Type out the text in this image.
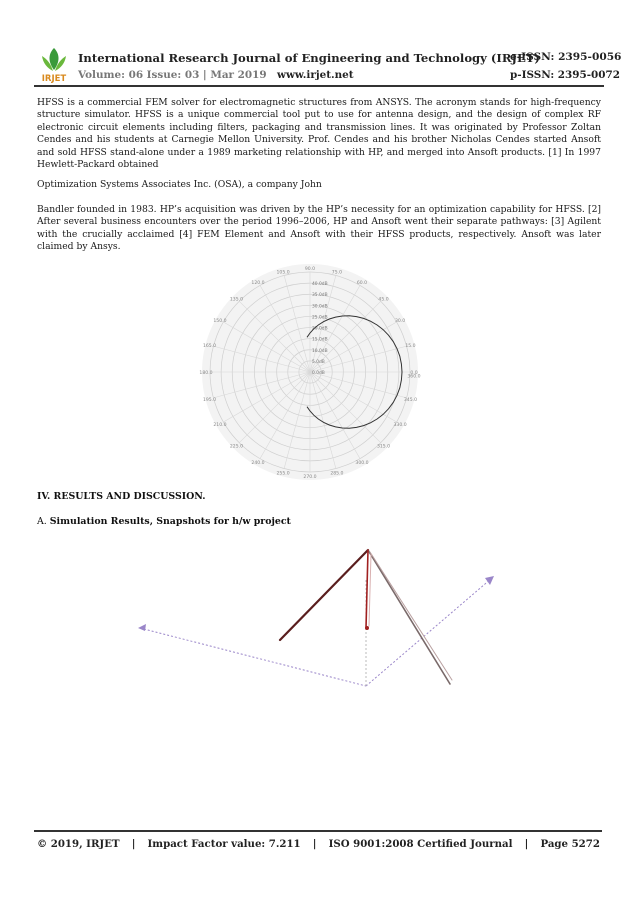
IRJET
International Research Journal of Engineering and Technology (IRJET)
e-ISSN: 2395-0056
Volume: 06 Issue: 03 | Mar 2019 www.irjet.net	p-ISSN: 2395-0072
HFSS is a commercial FEM solver for electromagnetic structures from ANSYS. The acronym stands for high-frequency structure simulator. HFSS is a unique commercial tool put to use for antenna design, and the design of complex RF electronic circuit elements including filters, packaging and transmission lines. It was originated by Professor Zoltan Cendes and his students at Carnegie Mellon University. Prof. Cendes and his brother Nicholas Cendes started Ansoft and sold HFSS stand-alone under a 1989 marketing relationship with HP, and merged into Ansoft products. [1] In 1997 Hewlett-Packard obtained
Optimization Systems Associates Inc. (OSA), a company John
Bandler founded in 1983. HP’s acquisition was driven by the HP’s necessity for an optimization capability for HFSS. [2] After several business encounters over the period 1996–2006, HP and Ansoft went their separate pathways: [3] Agilent with the crucially acclaimed [4] FEM Element and Ansoft with their HFSS products, respectively. Ansoft was later claimed by Ansys.
0.0
15.0
30.0
45.0
60.0
75.0
90.0
105.0
120.0
135.0
150.0
165.0
180.0
195.0
210.0
225.0
240.0
255.0
270.0
285.0
300.0
315.0
330.0
345.0
360.0
0.0dB
5.0dB
10.0dB
15.0dB
20.0dB
25.0dB
30.0dB
35.0dB
40.0dB
IV. RESULTS AND DISCUSSION.
A. Simulation Results, Snapshots for h/w project
© 2019, IRJET | Impact Factor value: 7.211 | ISO 9001:2008 Certified Journal | Page 5272
